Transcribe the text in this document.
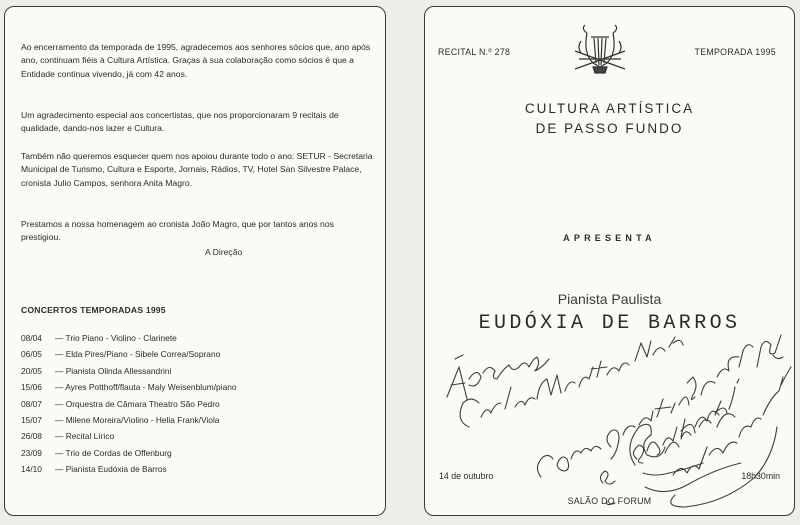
Ao encerramento da temporada de 1995, agradecemos aos senhores sócios que, ano após ano, continuam fiéis à Cultura Artística. Graças à sua colaboração como sócios é que a Entidade continua vivendo, já com 42 anos.

Um agradecimento especial aos concertistas, que nos proporcionaram 9 recitais de qualidade, dando-nos lazer e Cultura.

Também não queremos esquecer quem nos apoiou durante todo o ano: SETUR - Secretaria Municipal de Turismo, Cultura e Esporte, Jornais, Rádios, TV, Hotel San Silvestre Palace, cronista Julio Campos, senhora Anita Magro.

Prestamos a nossa homenagem ao cronista João Magro, que por tantos anos nos prestigiou.

A Direção
CONCERTOS TEMPORADAS 1995
08/04 — Trio Piano - Violino - Clarinete
06/05 — Elda Pires/Piano - Sibele Correa/Soprano
20/05 — Pianista Olinda Allessandrini
15/06 — Ayres Potthoff/flauta - Maly Weisenblum/piano
08/07 — Orquestra de Câmara Theatro São Pedro
15/07 — Milene Moreira/Violino - Helia Frank/Viola
26/08 — Recital Lírico
23/09 — Trio de Cordas de Offenburg
14/10 — Pianista Eudóxia de Barros
RECITAL N.º 278	TEMPORADA 1995
CULTURA ARTÍSTICA
DE PASSO FUNDO
APRESENTA
Pianista Paulista
EUDÓXIA DE BARROS
14 de outubro	18h30min
SALÃO DO FORUM
